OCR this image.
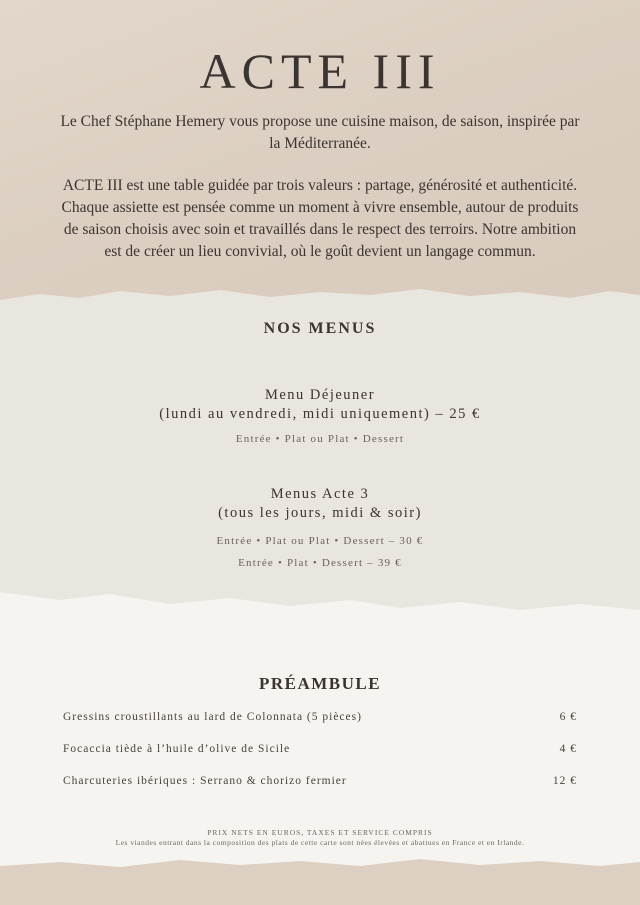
ACTE III

Le Chef Stéphane Hemery vous propose une cuisine maison, de saison, inspirée par la Méditerranée.

ACTE III est une table guidée par trois valeurs : partage, générosité et authenticité. Chaque assiette est pensée comme un moment à vivre ensemble, autour de produits de saison choisis avec soin et travaillés dans le respect des terroirs. Notre ambition est de créer un lieu convivial, où le goût devient un langage commun.

NOS MENUS

Menu Déjeuner

(lundi au vendredi, midi uniquement) – 25 €

Entrée • Plat ou Plat • Dessert

Menus Acte 3

(tous les jours, midi & soir)

Entrée • Plat ou Plat • Dessert – 30 €

Entrée • Plat • Dessert – 39 €

PRÉAMBULE
Gressins croustillants au lard de Colonnata (5 pièces)	6 €
Focaccia tiède à l’huile d’olive de Sicile	4 €
Charcuteries ibériques : Serrano & chorizo fermier	12 €

PRIX NETS EN EUROS, TAXES ET SERVICE COMPRIS

Les viandes entrant dans la composition des plats de cette carte sont nées élevées et abattues en France et en Irlande.
